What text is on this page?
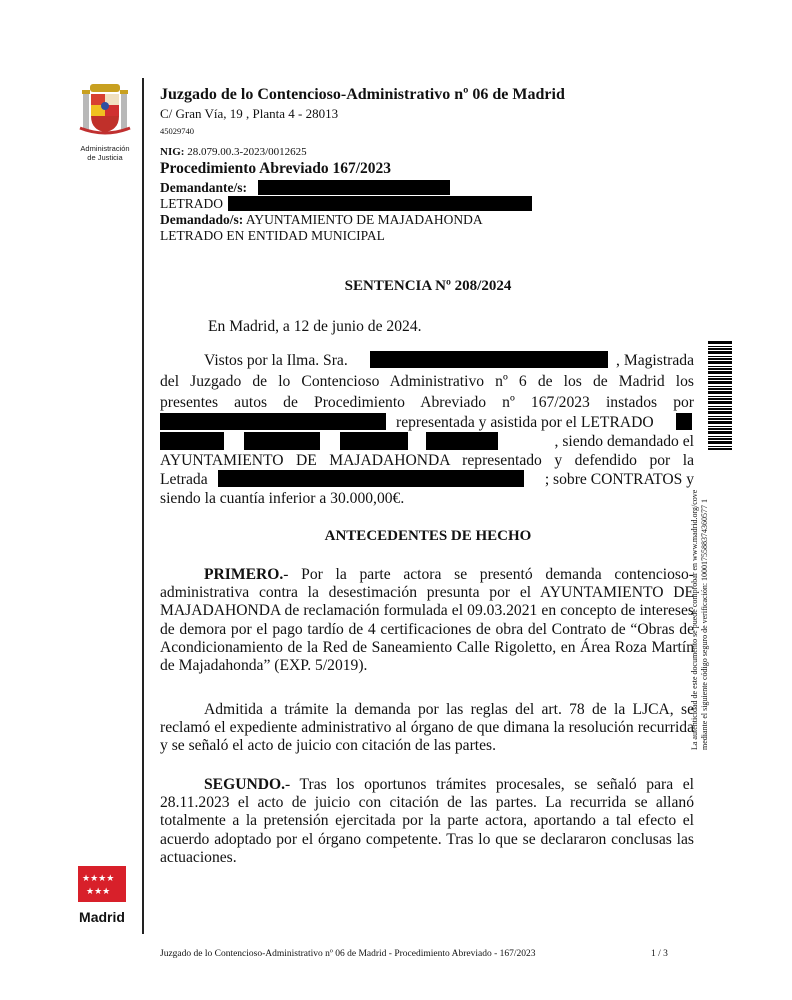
Administración
de Justicia
★★★★
★★★
Madrid
Juzgado de lo Contencioso-Administrativo nº 06 de Madrid
C/ Gran Vía, 19 , Planta 4 - 28013
45029740
NIG: 28.079.00.3-2023/0012625
Procedimiento Abreviado 167/2023
Demandante/s:
LETRADO
Demandado/s: AYUNTAMIENTO DE MAJADAHONDA
LETRADO EN ENTIDAD MUNICIPAL
SENTENCIA Nº 208/2024
En Madrid, a 12 de junio de 2024.
Vistos por la Ilma. Sra.	, Magistrada
del Juzgado de lo Contencioso Administrativo nº 6 de los de Madrid los
presentes autos de Procedimiento Abreviado nº 167/2023 instados por
representada y asistida por el LETRADO
, siendo demandado el
AYUNTAMIENTO DE MAJADAHONDA representado y defendido por la
Letrada	; sobre CONTRATOS y
siendo la cuantía inferior a 30.000,00€.
ANTECEDENTES DE HECHO
PRIMERO.- Por la parte actora se presentó demanda contencioso-administrativa contra la desestimación presunta por el AYUNTAMIENTO DE MAJADAHONDA de reclamación formulada el 09.03.2021 en concepto de intereses de demora por el pago tardío de 4 certificaciones de obra del Contrato de “Obras de Acondicionamiento de la Red de Saneamiento Calle Rigoletto, en Área Roza Martín de Majadahonda” (EXP. 5/2019).
Admitida a trámite la demanda por las reglas del art. 78 de la LJCA, se reclamó el expediente administrativo al órgano de que dimana la resolución recurrida y se señaló el acto de juicio con citación de las partes.
SEGUNDO.- Tras los oportunos trámites procesales, se señaló para el 28.11.2023 el acto de juicio con citación de las partes. La recurrida se allanó totalmente a la pretensión ejercitada por la parte actora, aportando a tal efecto el acuerdo adoptado por el órgano competente. Tras lo que se declararon conclusas las actuaciones.
La autenticidad de este documento se puede comprobar en www.madrid.org/cove mediante el siguiente código seguro de verificación: 1000175588374360577 1
Juzgado de lo Contencioso-Administrativo nº 06 de Madrid - Procedimiento Abreviado - 167/2023	1 / 3
